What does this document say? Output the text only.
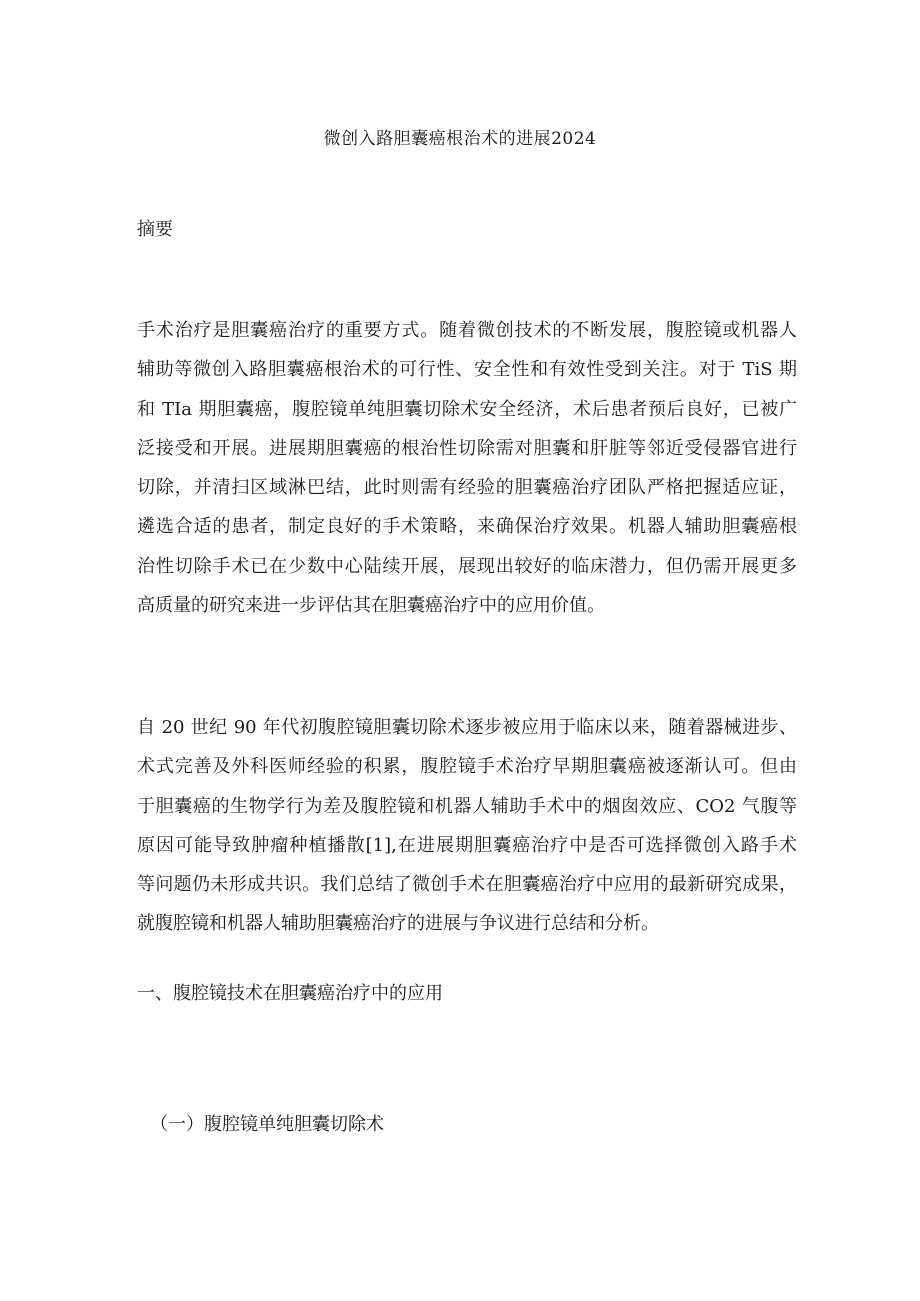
微创入路胆囊癌根治术的进展2024
摘要
手术治疗是胆囊癌治疗的重要方式。随着微创技术的不断发展，腹腔镜或机器人
辅助等微创入路胆囊癌根治术的可行性、安全性和有效性受到关注。对于 TiS 期
和 TIa 期胆囊癌，腹腔镜单纯胆囊切除术安全经济，术后患者预后良好，已被广
泛接受和开展。进展期胆囊癌的根治性切除需对胆囊和肝脏等邻近受侵器官进行
切除，并清扫区域淋巴结，此时则需有经验的胆囊癌治疗团队严格把握适应证，
遴选合适的患者，制定良好的手术策略，来确保治疗效果。机器人辅助胆囊癌根
治性切除手术已在少数中心陆续开展，展现出较好的临床潜力，但仍需开展更多
高质量的研究来进一步评估其在胆囊癌治疗中的应用价值。
自 20 世纪 90 年代初腹腔镜胆囊切除术逐步被应用于临床以来，随着器械进步、
术式完善及外科医师经验的积累，腹腔镜手术治疗早期胆囊癌被逐渐认可。但由
于胆囊癌的生物学行为差及腹腔镜和机器人辅助手术中的烟囱效应、CO2 气腹等
原因可能导致肿瘤种植播散[1],在进展期胆囊癌治疗中是否可选择微创入路手术
等问题仍未形成共识。我们总结了微创手术在胆囊癌治疗中应用的最新研究成果，
就腹腔镜和机器人辅助胆囊癌治疗的进展与争议进行总结和分析。
一、腹腔镜技术在胆囊癌治疗中的应用
（一）腹腔镜单纯胆囊切除术
